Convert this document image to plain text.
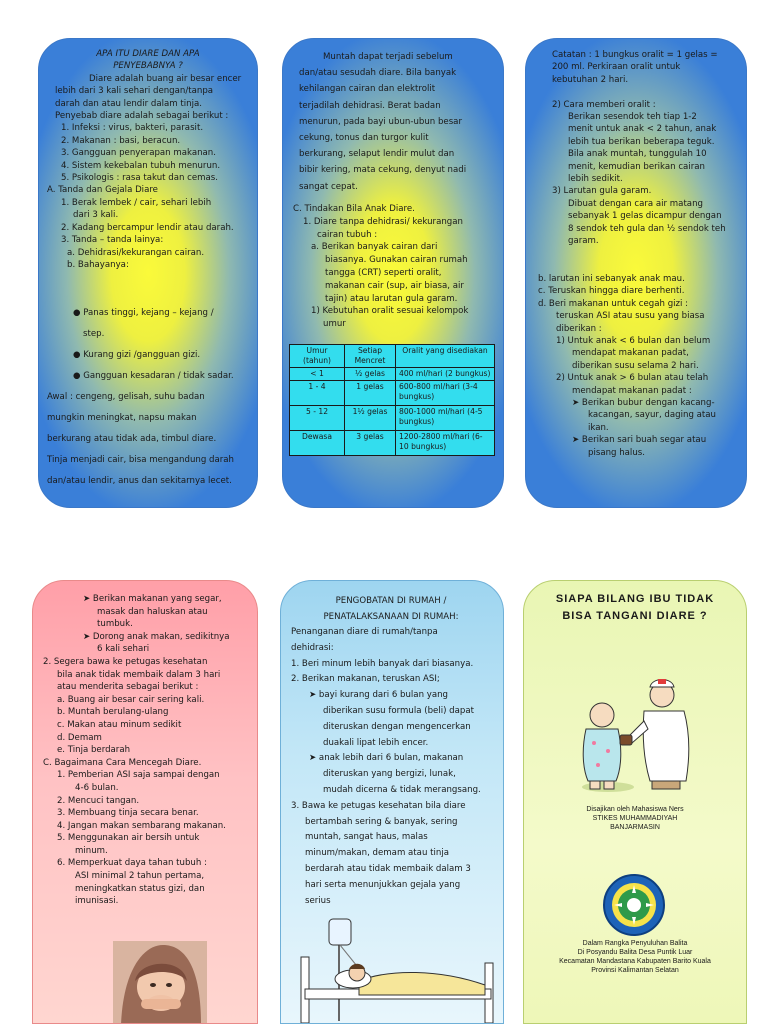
APA ITU DIARE DAN APA
PENYEBABNYA ?
Diare adalah buang air besar encer
lebih dari 3 kali sehari dengan/tanpa
darah dan atau lendir dalam tinja.
Penyebab diare adalah sebagai berikut :
1. Infeksi : virus, bakteri, parasit.
2. Makanan : basi, beracun.
3. Gangguan penyerapan makanan.
4. Sistem kekebalan tubuh menurun.
5. Psikologis : rasa takut dan cemas.
A. Tanda dan Gejala Diare
1. Berak lembek / cair, sehari lebih
dari 3 kali.
2. Kadang bercampur lendir atau darah.
3. Tanda – tanda lainya:
a. Dehidrasi/kekurangan cairan.
b. Bahayanya:
● Panas tinggi, kejang – kejang /
step.
● Kurang gizi /gangguan gizi.
● Gangguan kesadaran / tidak sadar.
Awal : cengeng, gelisah, suhu badan
mungkin meningkat, napsu makan
berkurang atau tidak ada, timbul diare.
Tinja menjadi cair, bisa mengandung darah
dan/atau lendir, anus dan sekitarnya lecet.
Muntah dapat terjadi sebelum
dan/atau sesudah diare. Bila banyak
kehilangan cairan dan elektrolit
terjadilah dehidrasi. Berat badan
menurun, pada bayi ubun-ubun besar
cekung, tonus dan turgor kulit
berkurang, selaput lendir mulut dan
bibir kering, mata cekung, denyut nadi
sangat cepat.
C. Tindakan Bila Anak Diare.
1. Diare tanpa dehidrasi/ kekurangan
cairan tubuh :
a. Berikan banyak cairan dari
biasanya. Gunakan cairan rumah
tangga (CRT) seperti oralit,
makanan cair (sup, air biasa, air
tajin) atau larutan gula garam.
1) Kebutuhan oralit sesuai kelompok
umur
Umur (tahun)	Setiap Mencret	Oralit yang disediakan
< 1	½ gelas	400 ml/hari (2 bungkus)
1 - 4	1 gelas	600-800 ml/hari (3-4 bungkus)
5 - 12	1½ gelas	800-1000 ml/hari (4-5 bungkus)
Dewasa	3 gelas	1200-2800 ml/hari (6-10 bungkus)
Catatan : 1 bungkus oralit = 1 gelas =
200 ml. Perkiraan oralit untuk
kebutuhan 2 hari.

2) Cara memberi oralit :
Berikan sesendok teh tiap 1-2
menit untuk anak < 2 tahun, anak
lebih tua berikan beberapa teguk.
Bila anak muntah, tunggulah 10
menit, kemudian berikan cairan
lebih sedikit.
3) Larutan gula garam.
Dibuat dengan cara air matang
sebanyak 1 gelas dicampur dengan
8 sendok teh gula dan ½ sendok teh
garam.
b. larutan ini sebanyak anak mau.
c. Teruskan hingga diare berhenti.
d. Beri makanan untuk cegah gizi :
teruskan ASI atau susu yang biasa
diberikan :
1) Untuk anak < 6 bulan dan belum
mendapat makanan padat,
diberikan susu selama 2 hari.
2) Untuk anak > 6 bulan atau telah
mendapat makanan padat :
➤ Berikan bubur dengan kacang-
kacangan, sayur, daging atau
ikan.
➤ Berikan sari buah segar atau
pisang halus.
➤ Berikan makanan yang segar,
masak dan haluskan atau
tumbuk.
➤ Dorong anak makan, sedikitnya
6 kali sehari
2. Segera bawa ke petugas kesehatan
bila anak tidak membaik dalam 3 hari
atau menderita sebagai berikut :
a. Buang air besar cair sering kali.
b. Muntah berulang-ulang
c. Makan atau minum sedikit
d. Demam
e. Tinja berdarah
C. Bagaimana Cara Mencegah Diare.
1. Pemberian ASI saja sampai dengan
4-6 bulan.
2. Mencuci tangan.
3. Membuang tinja secara benar.
4. Jangan makan sembarang makanan.
5. Menggunakan air bersih untuk
minum.
6. Memperkuat daya tahan tubuh :
ASI minimal 2 tahun pertama,
meningkatkan status gizi, dan
imunisasi.
PENGOBATAN DI RUMAH /
PENATALAKSANAAN DI RUMAH:
Penanganan diare di rumah/tanpa
dehidrasi:
1. Beri minum lebih banyak dari biasanya.
2. Berikan makanan, teruskan ASI;
➤ bayi kurang dari 6 bulan yang
diberikan susu formula (beli) dapat
diteruskan dengan mengencerkan
duakali lipat lebih encer.
➤ anak lebih dari 6 bulan, makanan
diteruskan yang bergizi, lunak,
mudah dicerna & tidak merangsang.
3. Bawa ke petugas kesehatan bila diare
bertambah sering & banyak, sering
muntah, sangat haus, malas
minum/makan, demam atau tinja
berdarah atau tidak membaik dalam 3
hari serta menunjukkan gejala yang
serius
SIAPA BILANG IBU TIDAK
BISA TANGANI DIARE ?
Disajikan oleh Mahasiswa Ners
STIKES MUHAMMADIYAH
BANJARMASIN
Dalam Rangka Penyuluhan Balita
Di Posyandu Balita Desa Puntik Luar
Kecamatan Mandastana Kabupaten Barito Kuala
Provinsi Kalimantan Selatan
